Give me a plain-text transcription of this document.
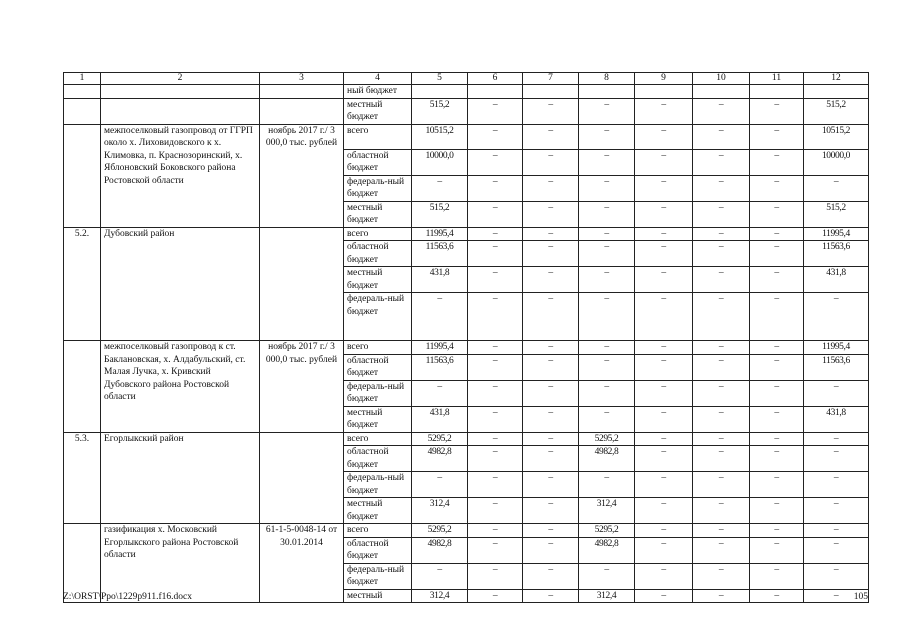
1	2	3	4	5	6	7	8	9	10	11	12
			ный бюджет								
			местный бюджет	515,2	–	–	–	–	–	–	515,2
	межпоселковый газопровод от ГГРП около х. Лиховидовского к х. Климовка, п. Краснозоринский, х. Яблоновский Боковского района Ростовской области	ноябрь 2017 г./ 3 000,0 тыс. рублей	всего	10515,2	–	–	–	–	–	–	10515,2
			областной бюджет	10000,0	–	–	–	–	–	–	10000,0
			федераль-ный бюджет	–	–	–	–	–	–	–	–
			местный бюджет	515,2	–	–	–	–	–	–	515,2
5.2.	Дубовский район		всего	11995,4	–	–	–	–	–	–	11995,4
			областной бюджет	11563,6	–	–	–	–	–	–	11563,6
			местный бюджет	431,8	–	–	–	–	–	–	431,8
			федераль-ный бюджет	–	–	–	–	–	–	–	–
	межпоселковый газопровод к ст. Баклановская, х. Алдабульский, ст. Малая Лучка, х. Кривский Дубовского района Ростовской области	ноябрь 2017 г./ 3 000,0 тыс. рублей	всего	11995,4	–	–	–	–	–	–	11995,4
			областной бюджет	11563,6	–	–	–	–	–	–	11563,6
			федераль-ный бюджет	–	–	–	–	–	–	–	–
			местный бюджет	431,8	–	–	–	–	–	–	431,8
5.3.	Егорлыкский район		всего	5295,2	–	–	5295,2	–	–	–	–
			областной бюджет	4982,8	–	–	4982,8	–	–	–	–
			федераль-ный бюджет	–	–	–	–	–	–	–	–
			местный бюджет	312,4	–	–	312,4	–	–	–	–
	газификация х. Московский Егорлыкского района Ростовской области	61-1-5-0048-14 от 30.01.2014	всего	5295,2	–	–	5295,2	–	–	–	–
			областной бюджет	4982,8	–	–	4982,8	–	–	–	–
			федераль-ный бюджет	–	–	–	–	–	–	–	–
			местный	312,4	–	–	312,4	–	–	–	–
Z:\ORST\Ppo\1229p911.f16.docx	105
